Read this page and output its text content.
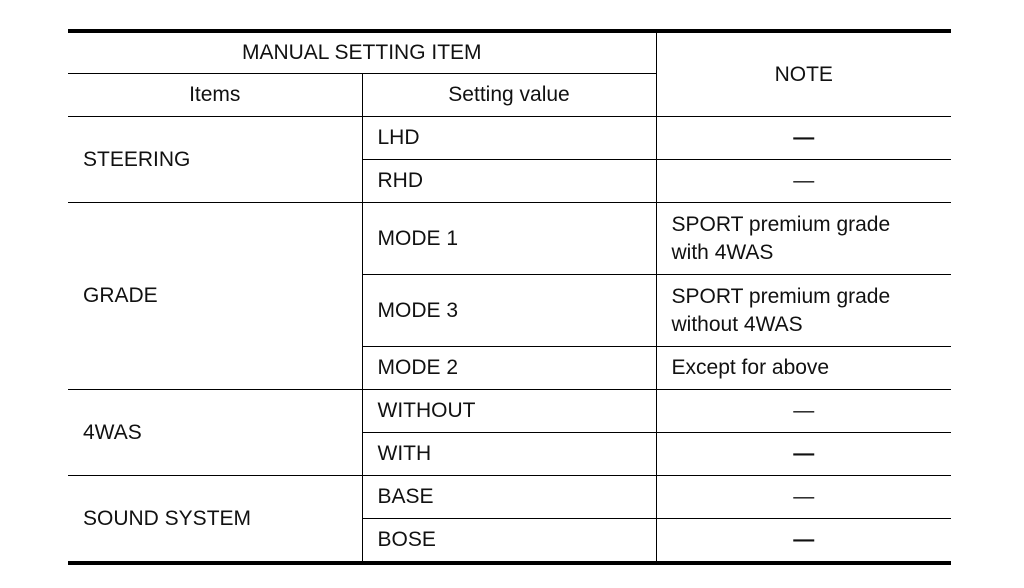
MANUAL SETTING ITEM		NOTE
Items	Setting value	
STEERING	LHD	—
	RHD	—
GRADE	MODE 1	SPORT premium grade
with 4WAS
	MODE 3	SPORT premium grade
without 4WAS
	MODE 2	Except for above
4WAS	WITHOUT	—
	WITH	—
SOUND SYSTEM	BASE	—
	BOSE	—
